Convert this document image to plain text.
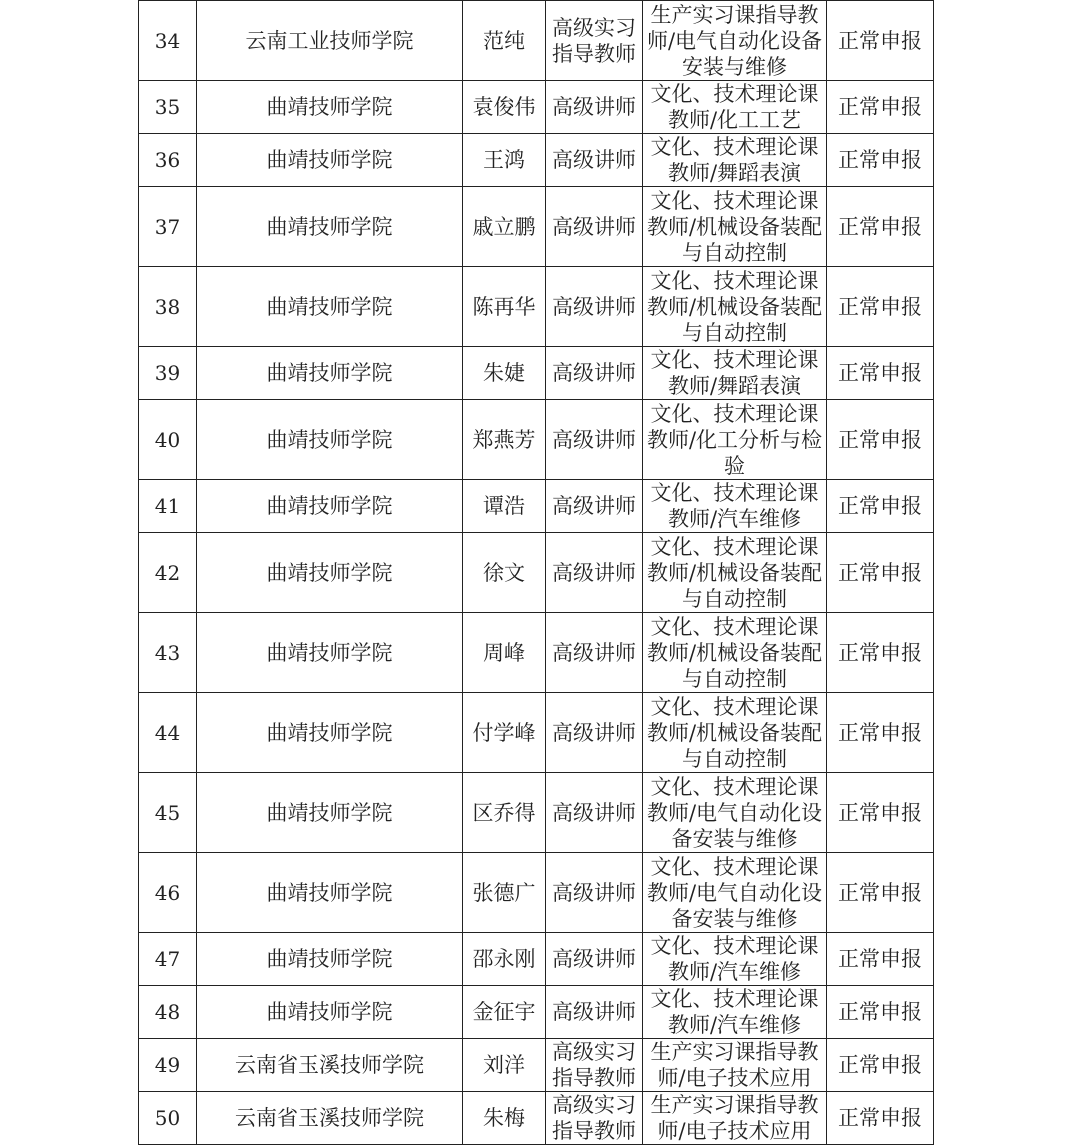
34	云南工业技师学院	范纯	高级实习指导教师	生产实习课指导教师/电气自动化设备安装与维修	正常申报
35	曲靖技师学院	袁俊伟	高级讲师	文化、技术理论课教师/化工工艺	正常申报
36	曲靖技师学院	王鸿	高级讲师	文化、技术理论课教师/舞蹈表演	正常申报
37	曲靖技师学院	戚立鹏	高级讲师	文化、技术理论课教师/机械设备装配与自动控制	正常申报
38	曲靖技师学院	陈再华	高级讲师	文化、技术理论课教师/机械设备装配与自动控制	正常申报
39	曲靖技师学院	朱婕	高级讲师	文化、技术理论课教师/舞蹈表演	正常申报
40	曲靖技师学院	郑燕芳	高级讲师	文化、技术理论课教师/化工分析与检验	正常申报
41	曲靖技师学院	谭浩	高级讲师	文化、技术理论课教师/汽车维修	正常申报
42	曲靖技师学院	徐文	高级讲师	文化、技术理论课教师/机械设备装配与自动控制	正常申报
43	曲靖技师学院	周峰	高级讲师	文化、技术理论课教师/机械设备装配与自动控制	正常申报
44	曲靖技师学院	付学峰	高级讲师	文化、技术理论课教师/机械设备装配与自动控制	正常申报
45	曲靖技师学院	区乔得	高级讲师	文化、技术理论课教师/电气自动化设备安装与维修	正常申报
46	曲靖技师学院	张德广	高级讲师	文化、技术理论课教师/电气自动化设备安装与维修	正常申报
47	曲靖技师学院	邵永刚	高级讲师	文化、技术理论课教师/汽车维修	正常申报
48	曲靖技师学院	金征宇	高级讲师	文化、技术理论课教师/汽车维修	正常申报
49	云南省玉溪技师学院	刘洋	高级实习指导教师	生产实习课指导教师/电子技术应用	正常申报
50	云南省玉溪技师学院	朱梅	高级实习指导教师	生产实习课指导教师/电子技术应用	正常申报
